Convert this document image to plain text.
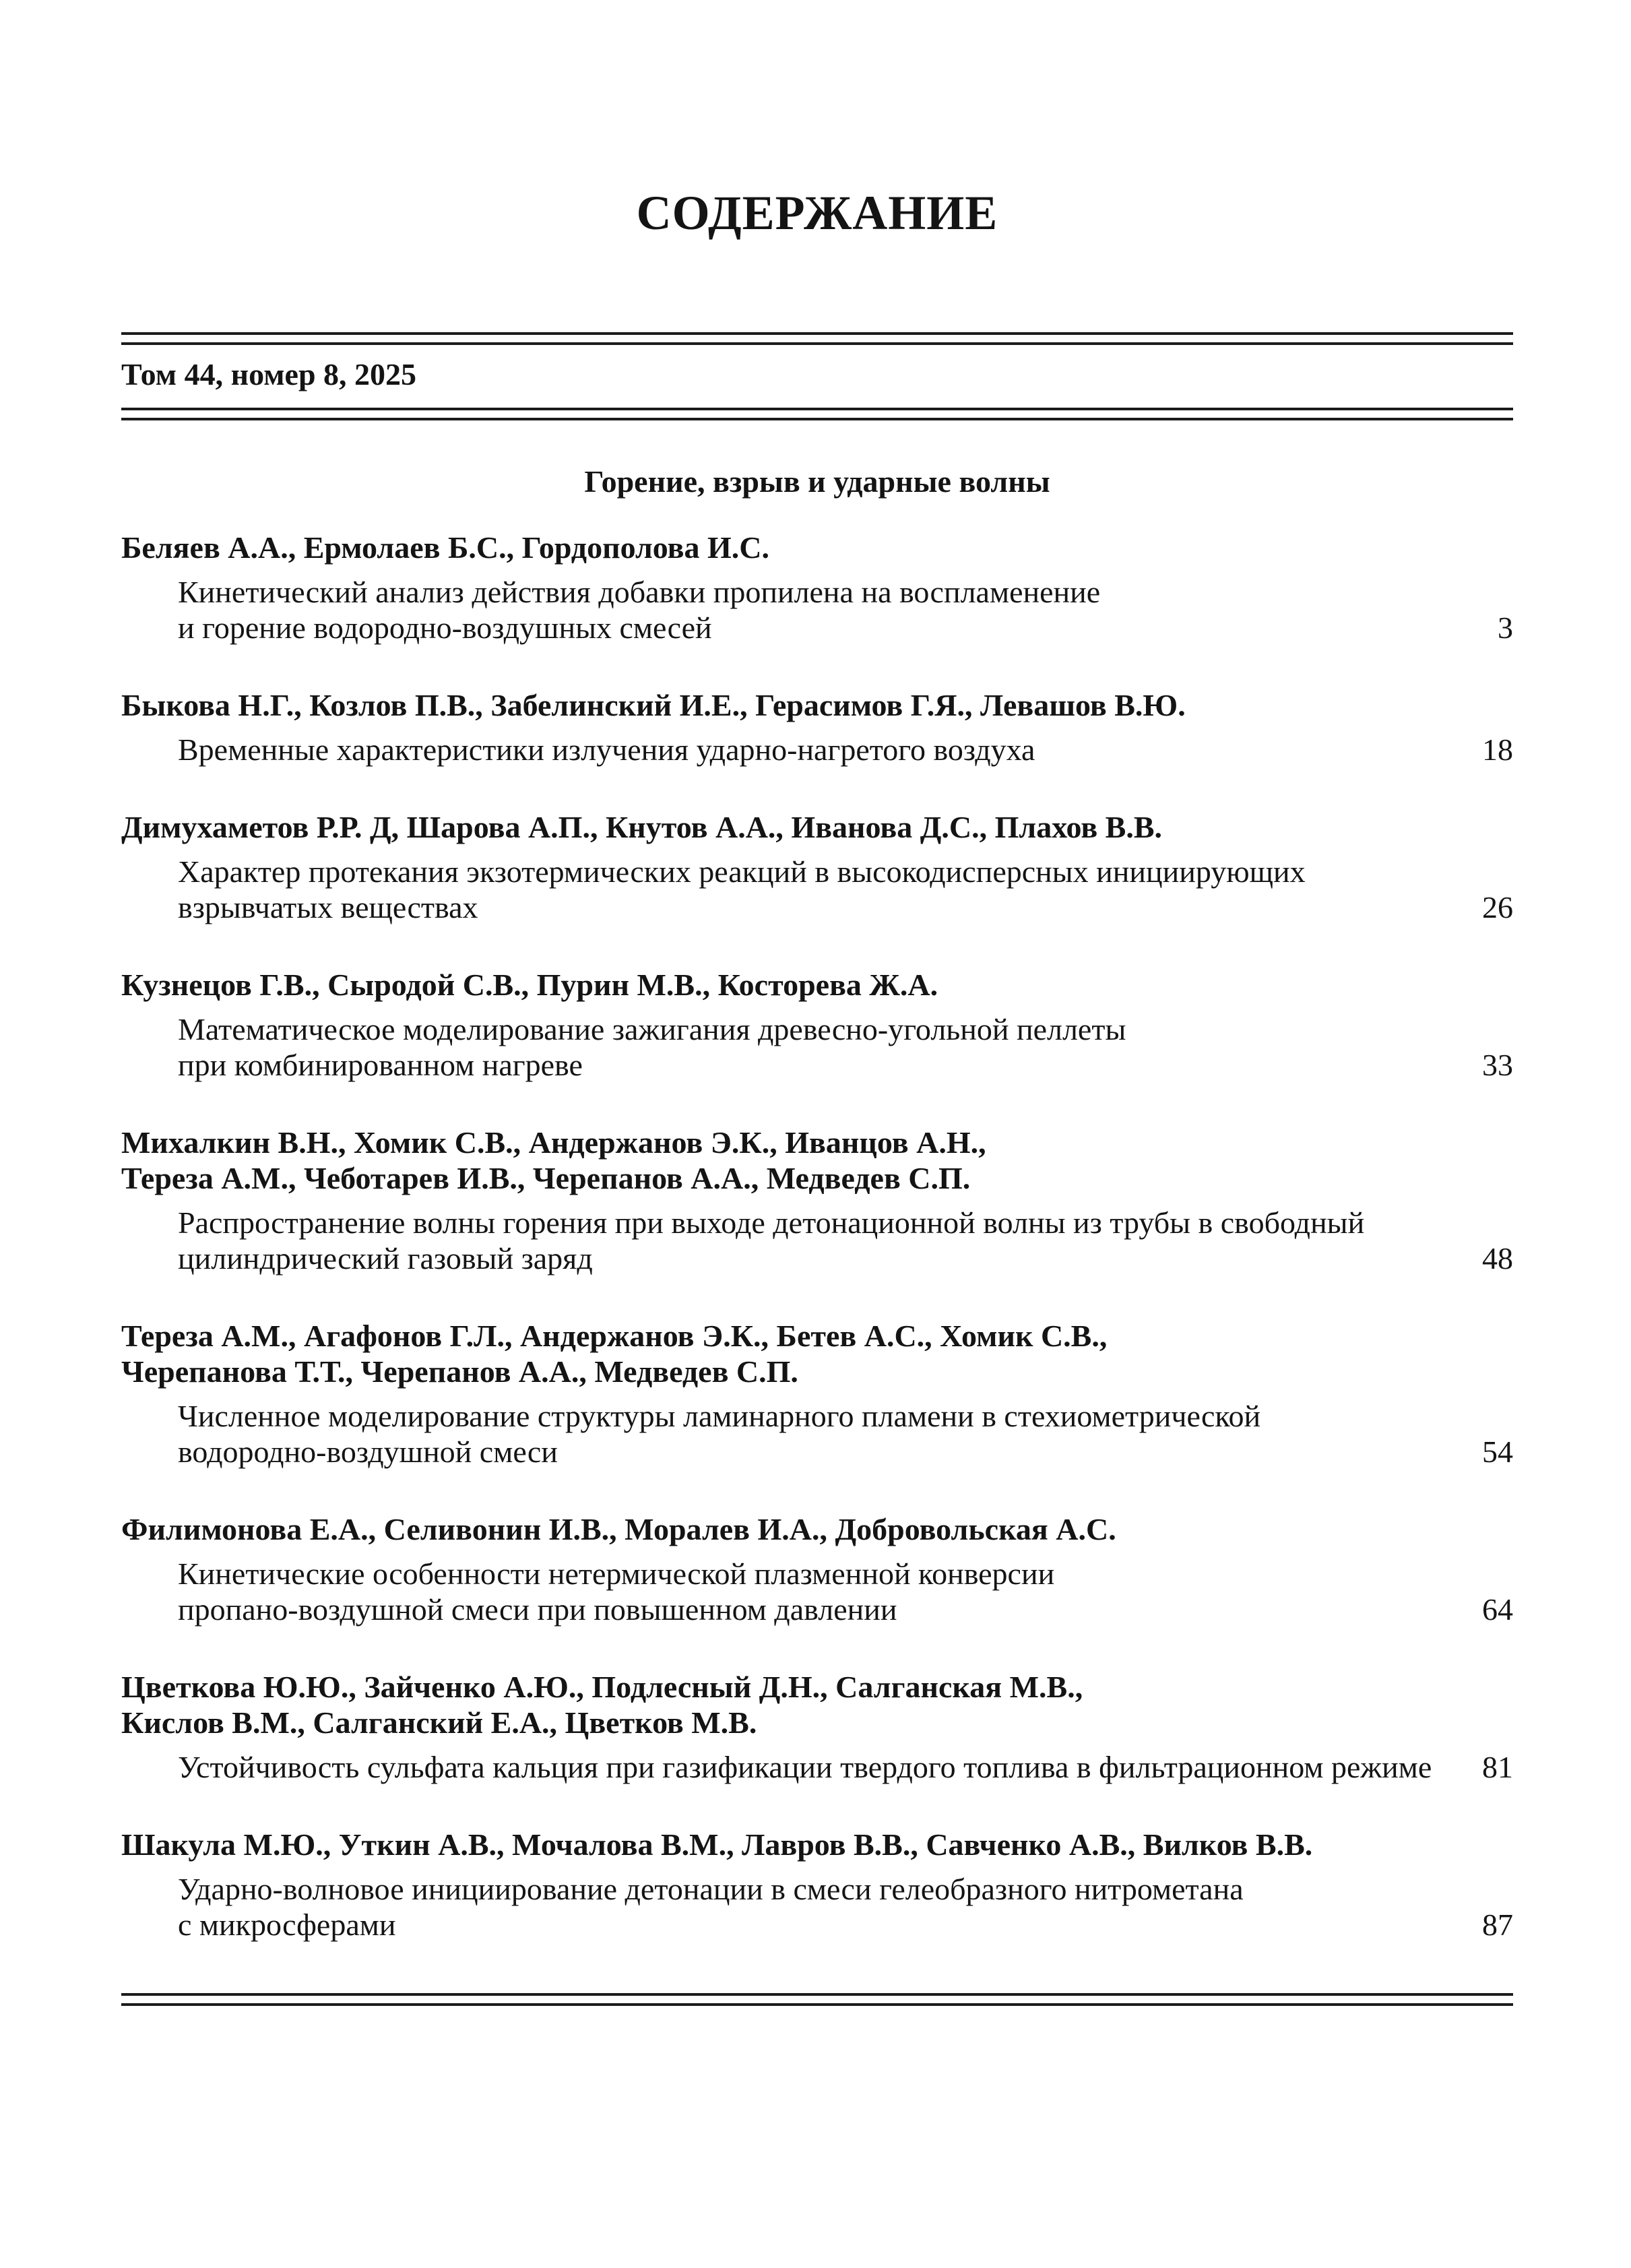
СОДЕРЖАНИЕ
Том 44, номер 8, 2025
Горение, взрыв и ударные волны
Беляев А.А., Ермолаев Б.С., Гордополова И.С.
Кинетический анализ действия добавки пропилена на воспламенение
и горение водородно-воздушных смесей	3
Быкова Н.Г., Козлов П.В., Забелинский И.Е., Герасимов Г.Я., Левашов В.Ю.
Временные характеристики излучения ударно-нагретого воздуха	18
Димухаметов Р.Р. Д, Шарова А.П., Кнутов А.А., Иванова Д.С., Плахов В.В.
Характер протекания экзотермических реакций в высокодисперсных инициирующих
взрывчатых веществах	26
Кузнецов Г.В., Сыродой С.В., Пурин М.В., Косторева Ж.А.
Математическое моделирование зажигания древесно-угольной пеллеты
при комбинированном нагреве	33
Михалкин В.Н., Хомик С.В., Андержанов Э.К., Иванцов А.Н.,
Тереза А.М., Чеботарев И.В., Черепанов А.А., Медведев С.П.
Распространение волны горения при выходе детонационной волны из трубы в свободный
цилиндрический газовый заряд	48
Тереза А.М., Агафонов Г.Л., Андержанов Э.К., Бетев А.С., Хомик С.В.,
Черепанова Т.Т., Черепанов А.А., Медведев С.П.
Численное моделирование структуры ламинарного пламени в стехиометрической
водородно-воздушной смеси	54
Филимонова Е.А., Селивонин И.В., Моралев И.А., Добровольская А.С.
Кинетические особенности нетермической плазменной конверсии
пропано-воздушной смеси при повышенном давлении	64
Цветкова Ю.Ю., Зайченко А.Ю., Подлесный Д.Н., Салганская М.В.,
Кислов В.М., Салганский Е.А., Цветков М.В.
Устойчивость сульфата кальция при газификации твердого топлива в фильтрационном режиме	81
Шакула М.Ю., Уткин А.В., Мочалова В.М., Лавров В.В., Савченко А.В., Вилков В.В.
Ударно-волновое инициирование детонации в смеси гелеобразного нитрометана
с микросферами	87
